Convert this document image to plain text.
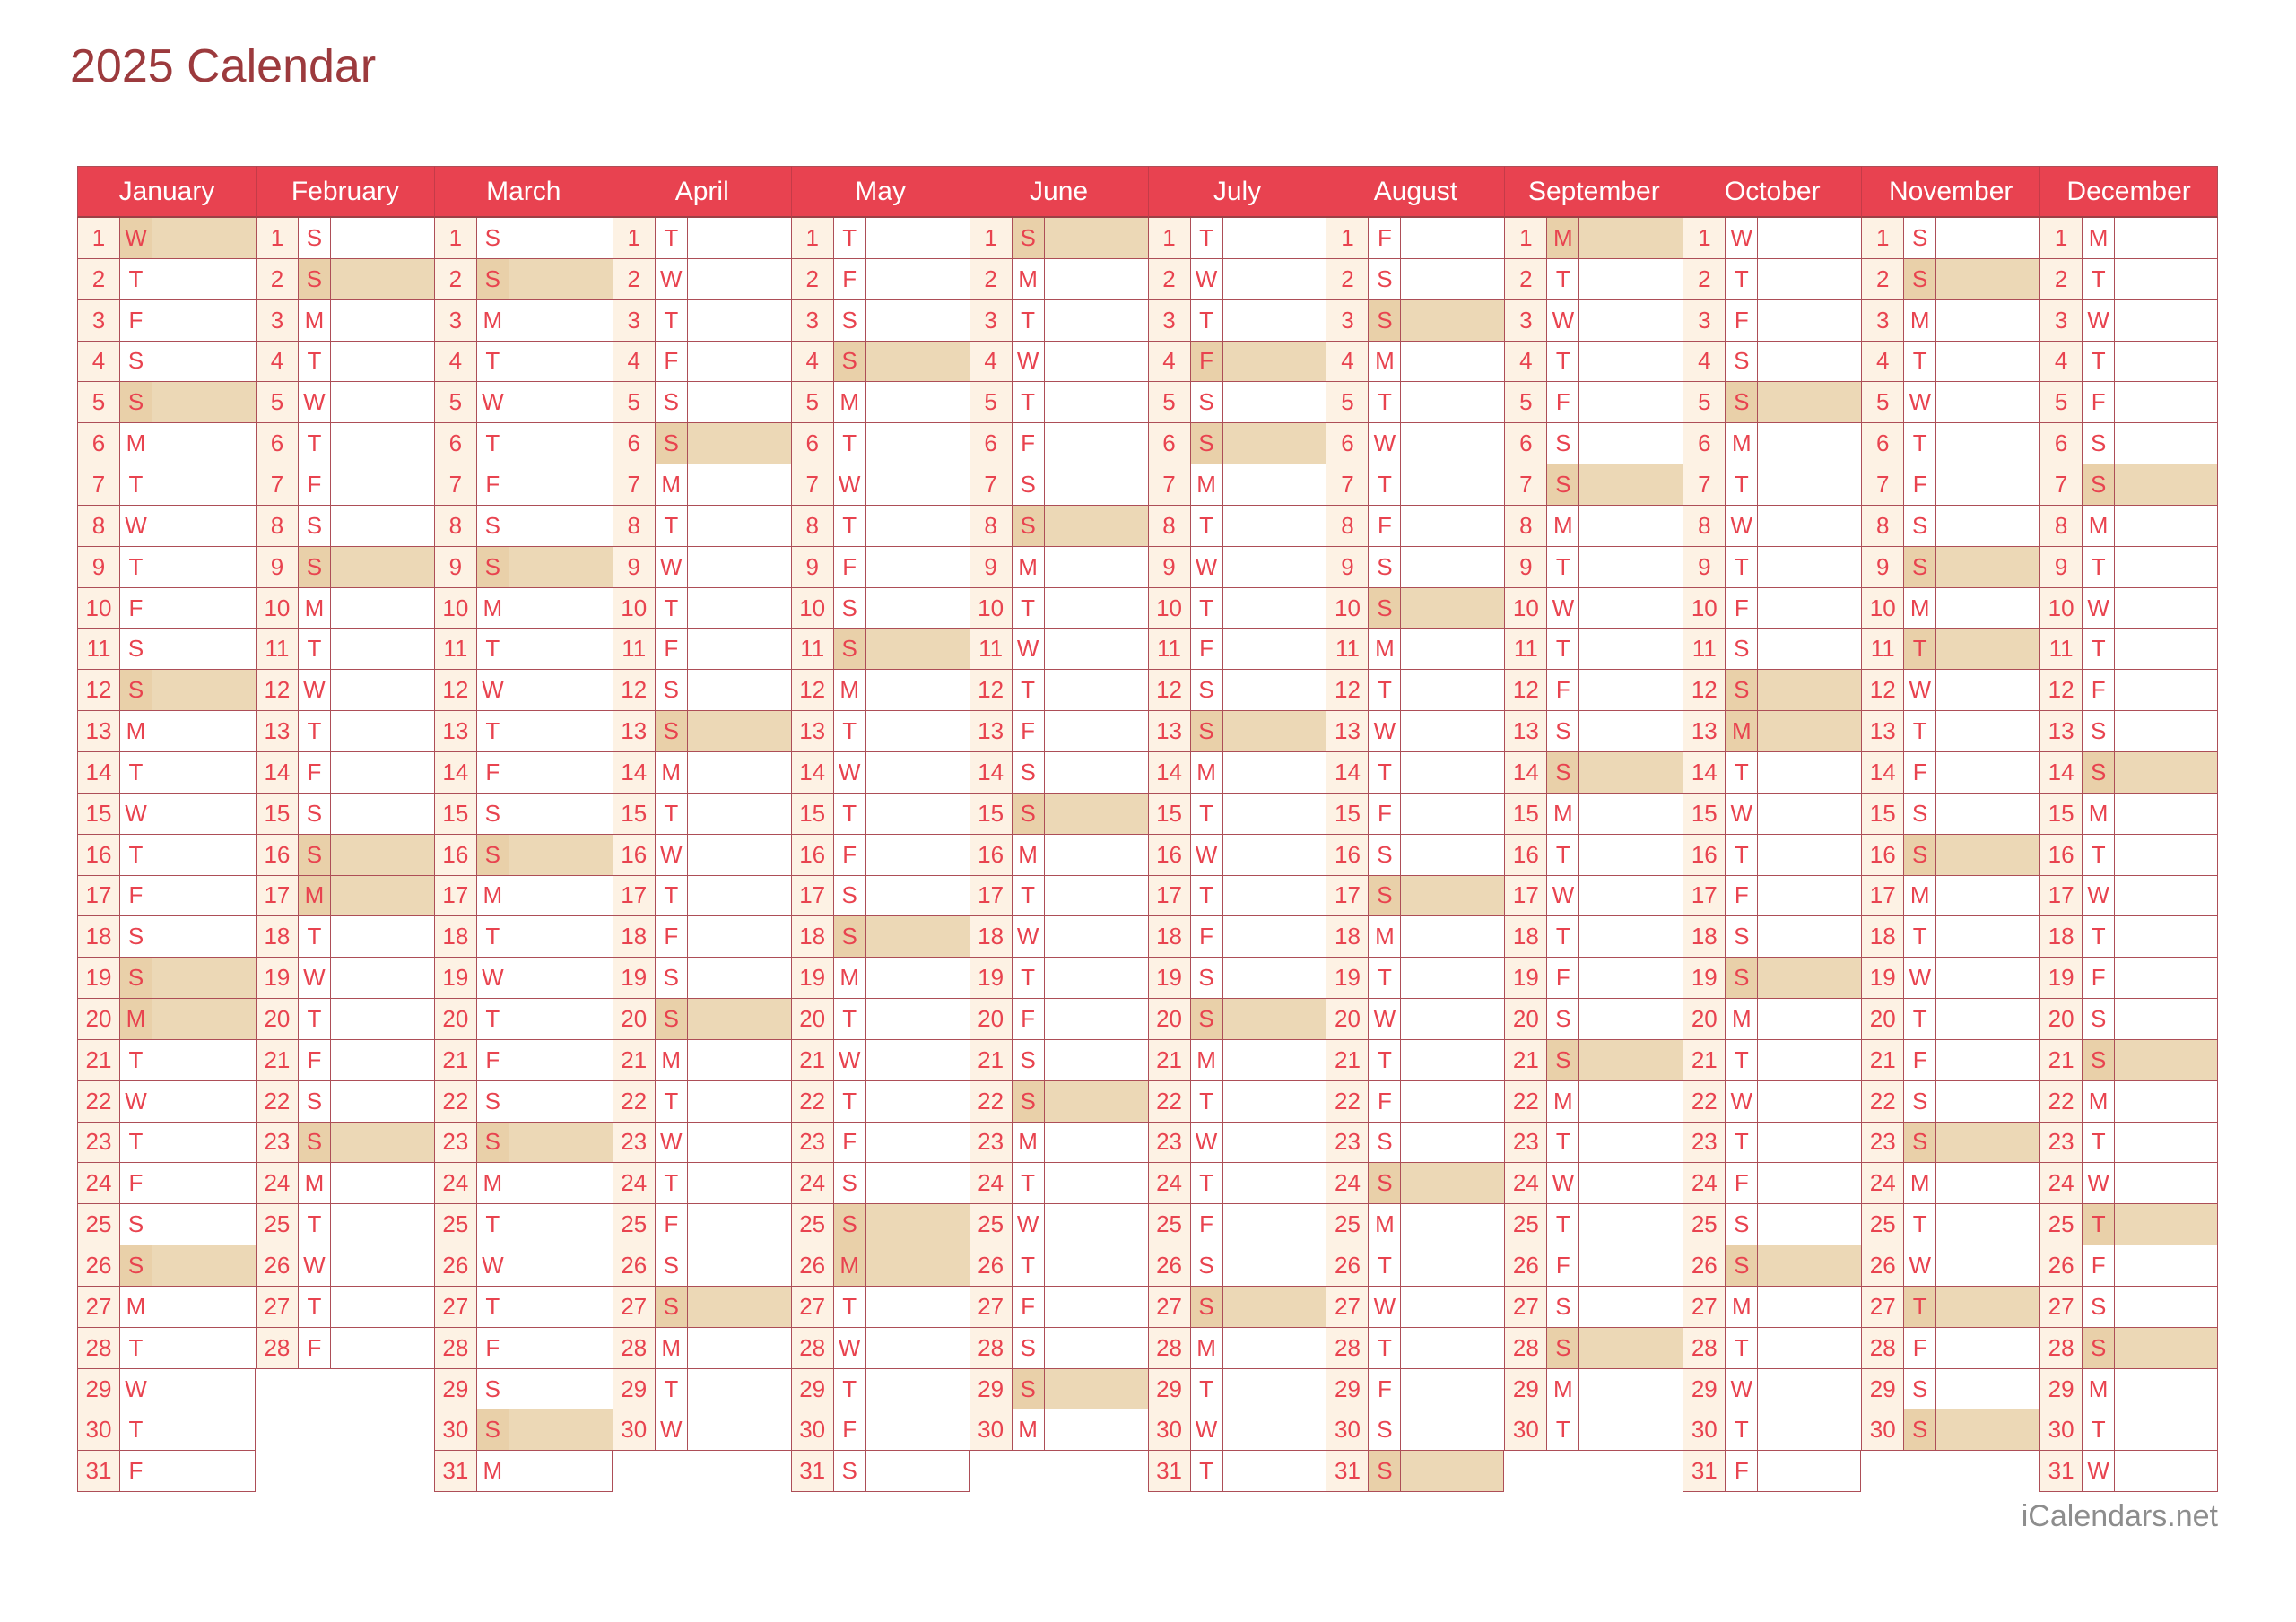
2025 Calendar
January
1 W
2	T
3	F
4 S
5 S
6 M
7	T
8 W
9	T
10 F
11 S
12 S
13 M
14 T
15 W
16 T
17 F
18 S
19 S
20 M
21 T
22 W
23 T
24 F
25 S
26 S
27 M
28 T
29 W
30 T
31 F
February
1 S
2 S
3 M
4	T
5 W
6	T
7	F
8 S
9 S
10 M
11 T
12 W
13 T
14 F
15 S
16 S
17 M
18 T
19 W
20 T
21 F
22 S
23 S
24 M
25 T
26 W
27 T
28 F
March
1 S
2 S
3 M
4	T
5 W
6	T
7	F
8 S
9 S
10 M
11 T
12 W
13 T
14 F
15 S
16 S
17 M
18 T
19 W
20 T
21 F
22 S
23 S
24 M
25 T
26 W
27 T
28 F
29 S
30 S
31 M
April
1	T
2 W
3	T
4	F
5 S
6 S
7 M
8	T
9 W
10 T
11 F
12 S
13 S
14 M
15 T
16 W
17 T
18 F
19 S
20 S
21 M
22 T
23 W
24 T
25 F
26 S
27 S
28 M
29 T
30 W
May
1	T
2	F
3 S
4 S
5 M
6	T
7 W
8	T
9	F
10 S
11 S
12 M
13 T
14 W
15 T
16 F
17 S
18 S
19 M
20 T
21 W
22 T
23 F
24 S
25 S
26 M
27 T
28 W
29 T
30 F
31 S
June
1 S
2 M
3	T
4 W
5	T
6	F
7 S
8 S
9 M
10 T
11 W
12 T
13 F
14 S
15 S
16 M
17 T
18 W
19 T
20 F
21 S
22 S
23 M
24 T
25 W
26 T
27 F
28 S
29 S
30 M
July
1	T
2 W
3	T
4	F
5 S
6 S
7 M
8	T
9 W
10 T
11 F
12 S
13 S
14 M
15 T
16 W
17 T
18 F
19 S
20 S
21 M
22 T
23 W
24 T
25 F
26 S
27 S
28 M
29 T
30 W
31 T
August
1	F
2 S
3 S
4 M
5	T
6 W
7	T
8	F
9 S
10 S
11 M
12 T
13 W
14 T
15 F
16 S
17 S
18 M
19 T
20 W
21 T
22 F
23 S
24 S
25 M
26 T
27 W
28 T
29 F
30 S
31 S
September
1 M
2	T
3 W
4	T
5	F
6 S
7 S
8 M
9	T
10 W
11 T
12 F
13 S
14 S
15 M
16 T
17 W
18 T
19 F
20 S
21 S
22 M
23 T
24 W
25 T
26 F
27 S
28 S
29 M
30 T
October
1 W
2	T
3	F
4 S
5 S
6 M
7	T
8 W
9	T
10 F
11 S
12 S
13 M
14 T
15 W
16 T
17 F
18 S
19 S
20 M
21 T
22 W
23 T
24 F
25 S
26 S
27 M
28 T
29 W
30 T
31 F
November
1 S
2 S
3 M
4	T
5 W
6	T
7	F
8 S
9 S
10 M
11 T
12 W
13 T
14 F
15 S
16 S
17 M
18 T
19 W
20 T
21 F
22 S
23 S
24 M
25 T
26 W
27 T
28 F
29 S
30 S
December
1 M
2	T
3 W
4	T
5	F
6 S
7 S
8 M
9	T
10 W
11 T
12 F
13 S
14 S
15 M
16 T
17 W
18 T
19 F
20 S
21 S
22 M
23 T
24 W
25 T
26 F
27 S
28 S
29 M
30 T
31 W
iCalendars.net
